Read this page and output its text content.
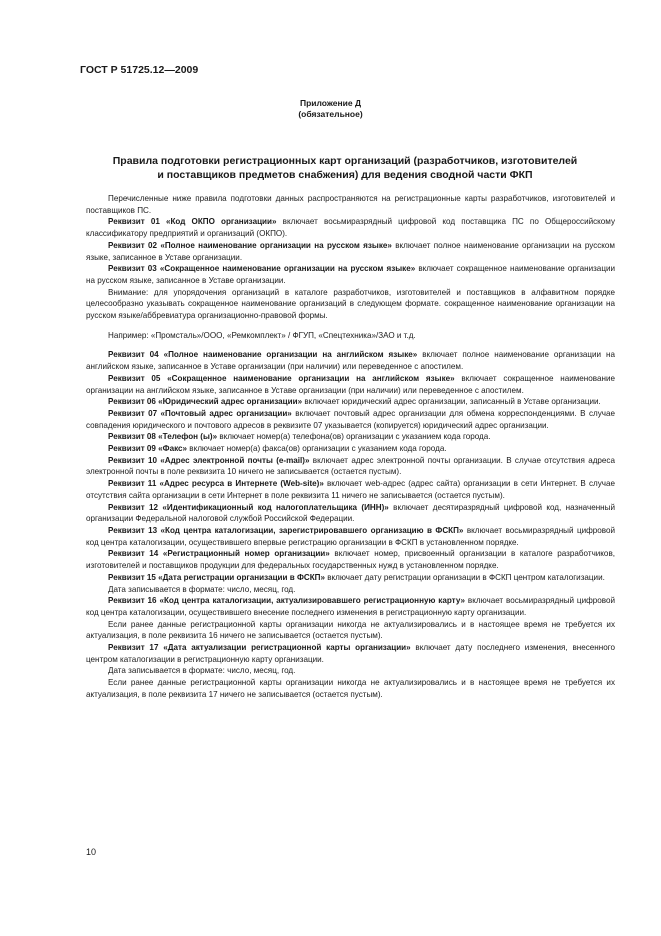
ГОСТ Р 51725.12—2009
Приложение Д
(обязательное)
Правила подготовки регистрационных карт организаций (разработчиков, изготовителей
и поставщиков предметов снабжения) для ведения сводной части ФКП

Перечисленные ниже правила подготовки данных распространяются на регистрационные карты разработчиков, изготовителей и поставщиков ПС.

Реквизит 01 «Код ОКПО организации» включает восьмиразрядный цифровой код поставщика ПС по Общероссийскому классификатору предприятий и организаций (ОКПО).

Реквизит 02 «Полное наименование организации на русском языке» включает полное наименование организации на русском языке, записанное в Уставе организации.

Реквизит 03 «Сокращенное наименование организации на русском языке» включает сокращенное наименование организации на русском языке, записанное в Уставе организации.

Внимание: для упорядочения организаций в каталоге разработчиков, изготовителей и поставщиков в алфавитном порядке целесообразно указывать сокращенное наименование организаций в следующем формате. сокращенное наименование организации на русском языке/аббревиатура организационно-правовой формы.

Например: «Промсталь»/ООО, «Ремкомплект» / ФГУП, «Спецтехника»/ЗАО и т.д.

Реквизит 04 «Полное наименование организации на английском языке» включает полное наименование организации на английском языке, записанное в Уставе организации (при наличии) или переведенное с апостилем.

Реквизит 05 «Сокращенное наименование организации на английском языке» включает сокращенное наименование организации на английском языке, записанное в Уставе организации (при наличии) или переведенное с апостилем.

Реквизит 06 «Юридический адрес организации» включает юридический адрес организации, записанный в Уставе организации.

Реквизит 07 «Почтовый адрес организации» включает почтовый адрес организации для обмена корреспонденциями. В случае совпадения юридического и почтового адресов в реквизите 07 указывается (копируется) юридический адрес организации.

Реквизит 08 «Телефон (ы)» включает номер(а) телефона(ов) организации с указанием кода города.

Реквизит 09 «Факс» включает номер(а) факса(ов) организации с указанием кода города.

Реквизит 10 «Адрес электронной почты (e-mail)» включает адрес электронной почты организации. В случае отсутствия адреса электронной почты в поле реквизита 10 ничего не записывается (остается пустым).

Реквизит 11 «Адрес ресурса в Интернете (Web-site)» включает web-адрес (адрес сайта) организации в сети Интернет. В случае отсутствия сайта организации в сети Интернет в поле реквизита 11 ничего не записывается (остается пустым).

Реквизит 12 «Идентификационный код налогоплательщика (ИНН)» включает десятиразрядный цифровой код, назначенный организации Федеральной налоговой службой Российской Федерации.

Реквизит 13 «Код центра каталогизации, зарегистрировавшего организацию в ФСКП» включает восьмиразрядный цифровой код центра каталогизации, осуществившего впервые регистрацию организации в ФСКП в установленном порядке.

Реквизит 14 «Регистрационный номер организации» включает номер, присвоенный организации в каталоге разработчиков, изготовителей и поставщиков продукции для федеральных государственных нужд в установленном порядке.

Реквизит 15 «Дата регистрации организации в ФСКП» включает дату регистрации организации в ФСКП центром каталогизации.

Дата записывается в формате: число, месяц, год.

Реквизит 16 «Код центра каталогизации, актуализировавшего регистрационную карту» включает восьмиразрядный цифровой код центра каталогизации, осуществившего внесение последнего изменения в регистрационную карту организации.

Если ранее данные регистрационной карты организации никогда не актуализировались и в настоящее время не требуется их актуализация, в поле реквизита 16 ничего не записывается (остается пустым).

Реквизит 17 «Дата актуализации регистрационной карты организации» включает дату последнего изменения, внесенного центром каталогизации в регистрационную карту организации.

Дата записывается в формате: число, месяц, год.

Если ранее данные регистрационной карты организации никогда не актуализировались и в настоящее время не требуется их актуализация, в поле реквизита 17 ничего не записывается (остается пустым).

10
